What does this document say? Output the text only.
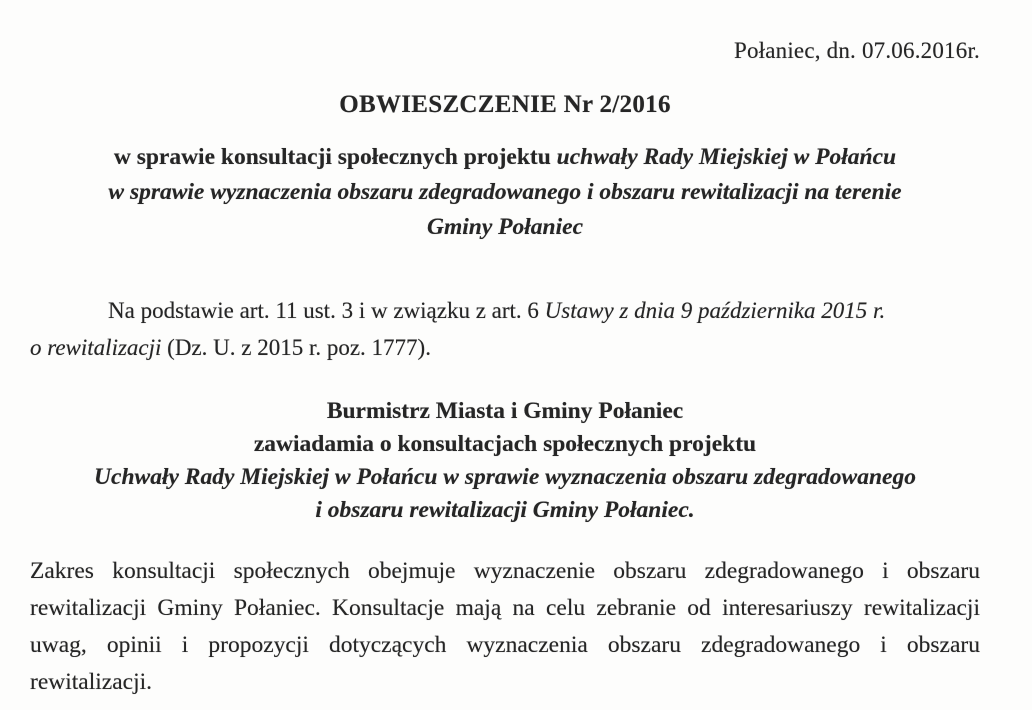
Połaniec, dn. 07.06.2016r.
OBWIESZCZENIE Nr 2/2016
w sprawie konsultacji społecznych projektu uchwały Rady Miejskiej w Połańcu
w sprawie wyznaczenia obszaru zdegradowanego i obszaru rewitalizacji na terenie
Gminy Połaniec
Na podstawie art. 11 ust. 3 i w związku z art. 6 Ustawy z dnia 9 października 2015 r.
o rewitalizacji (Dz. U. z 2015 r. poz. 1777).
Burmistrz Miasta i Gminy Połaniec
zawiadamia o konsultacjach społecznych projektu
Uchwały Rady Miejskiej w Połańcu w sprawie wyznaczenia obszaru zdegradowanego
i obszaru rewitalizacji Gminy Połaniec.

Zakres konsultacji społecznych obejmuje wyznaczenie obszaru zdegradowanego i obszaru rewitalizacji Gminy Połaniec. Konsultacje mają na celu zebranie od interesariuszy rewitalizacji uwag, opinii i propozycji dotyczących wyznaczenia obszaru zdegradowanego i obszaru rewitalizacji.
